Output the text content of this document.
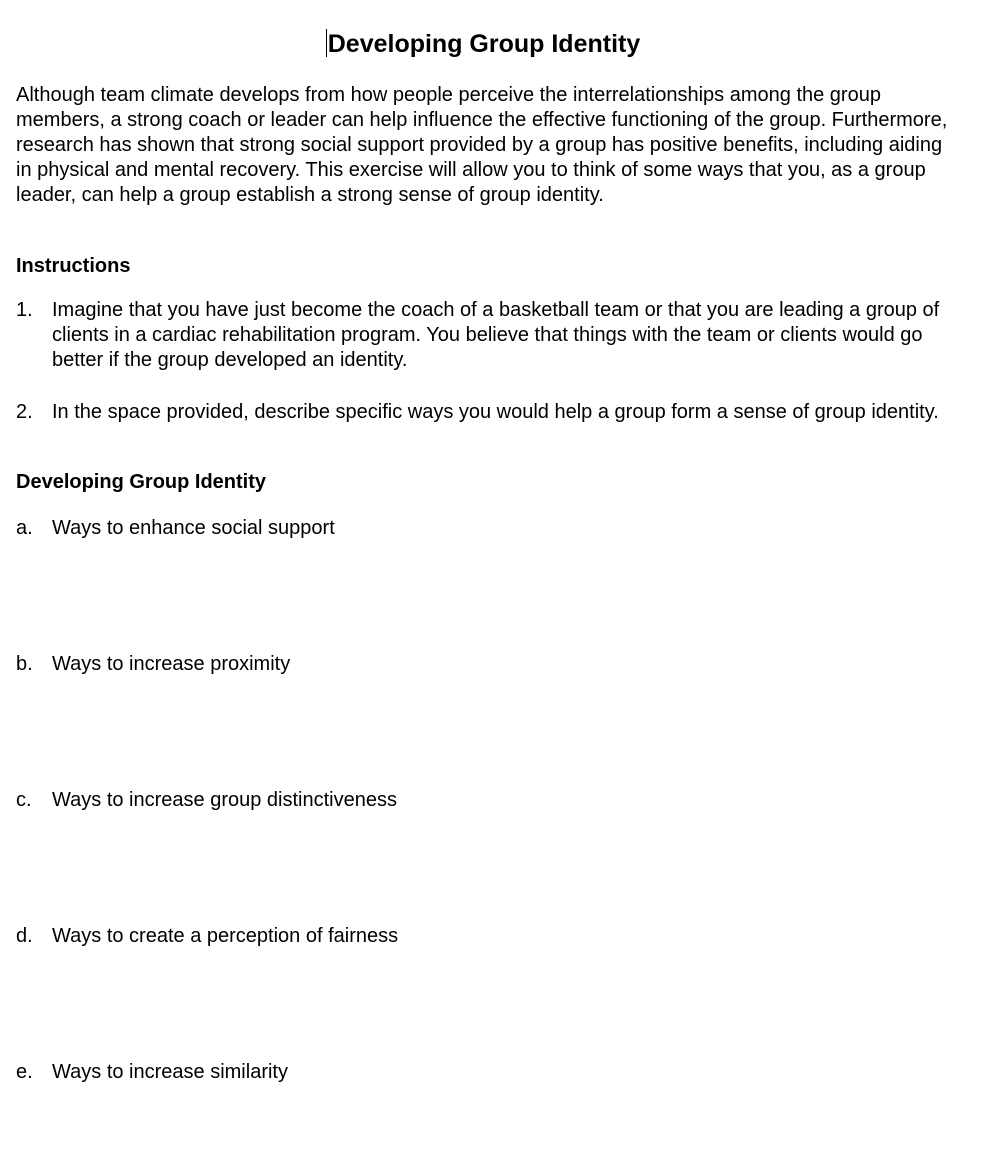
Developing Group Identity

Although team climate develops from how people perceive the interrelationships among the group members, a strong coach or leader can help influence the effective functioning of the group. Furthermore, research has shown that strong social support provided by a group has positive benefits, including aiding in physical and mental recovery. This exercise will allow you to think of some ways that you, as a group leader, can help a group establish a strong sense of group identity.

Instructions
1. Imagine that you have just become the coach of a basketball team or that you are leading a group of clients in a cardiac rehabilitation program. You believe that things with the team or clients would go better if the group developed an identity.
2. In the space provided, describe specific ways you would help a group form a sense of group identity.
Developing Group Identity
a. Ways to enhance social support
b. Ways to increase proximity
c. Ways to increase group distinctiveness
d. Ways to create a perception of fairness
e. Ways to increase similarity
